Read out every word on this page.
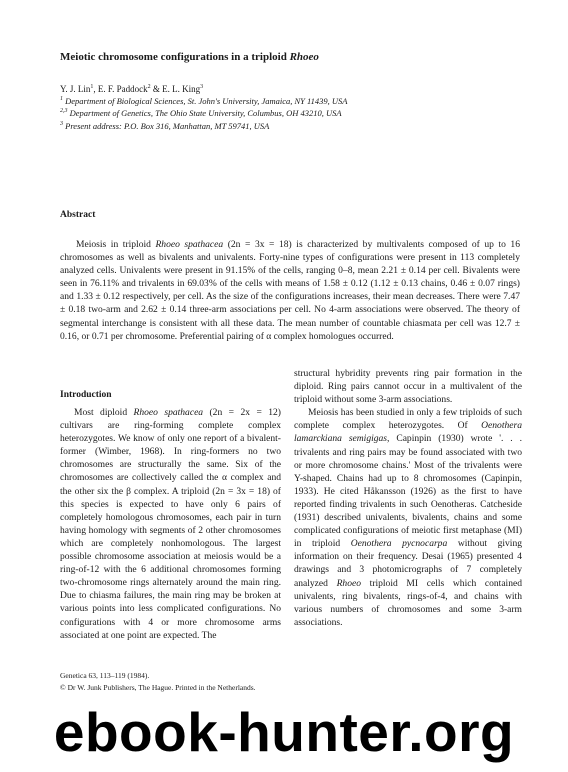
Meiotic chromosome configurations in a triploid Rhoeo
Y. J. Lin$^1$, E. F. Paddock$^2$ & E. L. King$^3$
$^1$ Department of Biological Sciences, St. John's University, Jamaica, NY 11439, USA
$^{2,3}$ Department of Genetics, The Ohio State University, Columbus, OH 43210, USA
$^3$ Present address: P.O. Box 316, Manhattan, MT 59741, USA
Abstract

Meiosis in triploid Rhoeo spathacea (2n = 3x = 18) is characterized by multivalents composed of up to 16 chromosomes as well as bivalents and univalents. Forty-nine types of configurations were present in 113 completely analyzed cells. Univalents were present in 91.15% of the cells, ranging 0–8, mean 2.21 ± 0.14 per cell. Bivalents were seen in 76.11% and trivalents in 69.03% of the cells with means of 1.58 ± 0.12 (1.12 ± 0.13 chains, 0.46 ± 0.07 rings) and 1.33 ± 0.12 respectively, per cell. As the size of the configurations increases, their mean decreases. There were 7.47 ± 0.18 two-arm and 2.62 ± 0.14 three-arm associations per cell. No 4-arm associations were observed. The theory of segmental interchange is consistent with all these data. The mean number of countable chiasmata per cell was 12.7 ± 0.16, or 0.71 per chromosome. Preferential pairing of α complex homologues occurred.

Introduction

Most diploid Rhoeo spathacea (2n = 2x = 12) cultivars are ring-forming complete complex heterozygotes. We know of only one report of a bivalent-former (Wimber, 1968). In ring-formers no two chromosomes are structurally the same. Six of the chromosomes are collectively called the α complex and the other six the β complex. A triploid (2n = 3x = 18) of this species is expected to have only 6 pairs of completely homologous chromosomes, each pair in turn having homology with segments of 2 other chromosomes which are completely nonhomologous. The largest possible chromosome association at meiosis would be a ring-of-12 with the 6 additional chromosomes forming two-chromosome rings alternately around the main ring. Due to chiasma failures, the main ring may be broken at various points into less complicated configurations. No configurations with 4 or more chromosome arms associated at one point are expected. The

structural hybridity prevents ring pair formation in the diploid. Ring pairs cannot occur in a multivalent of the triploid without some 3-arm associations.

Meiosis has been studied in only a few triploids of such complete complex heterozygotes. Of Oenothera lamarckiana semigigas, Capinpin (1930) wrote '. . . trivalents and ring pairs may be found associated with two or more chromosome chains.' Most of the trivalents were Y-shaped. Chains had up to 8 chromosomes (Capinpin, 1933). He cited Håkansson (1926) as the first to have reported finding trivalents in such Oenotheras. Catcheside (1931) described univalents, bivalents, chains and some complicated configurations of meiotic first metaphase (MI) in triploid Oenothera pycnocarpa without giving information on their frequency. Desai (1965) presented 4 drawings and 3 photomicrographs of 7 completely analyzed Rhoeo triploid MI cells which contained univalents, ring bivalents, rings-of-4, and chains with various numbers of chromosomes and some 3-arm associations.

Genetica 63, 113–119 (1984).
© Dr W. Junk Publishers, The Hague. Printed in the Netherlands.
ebook-hunter.org
